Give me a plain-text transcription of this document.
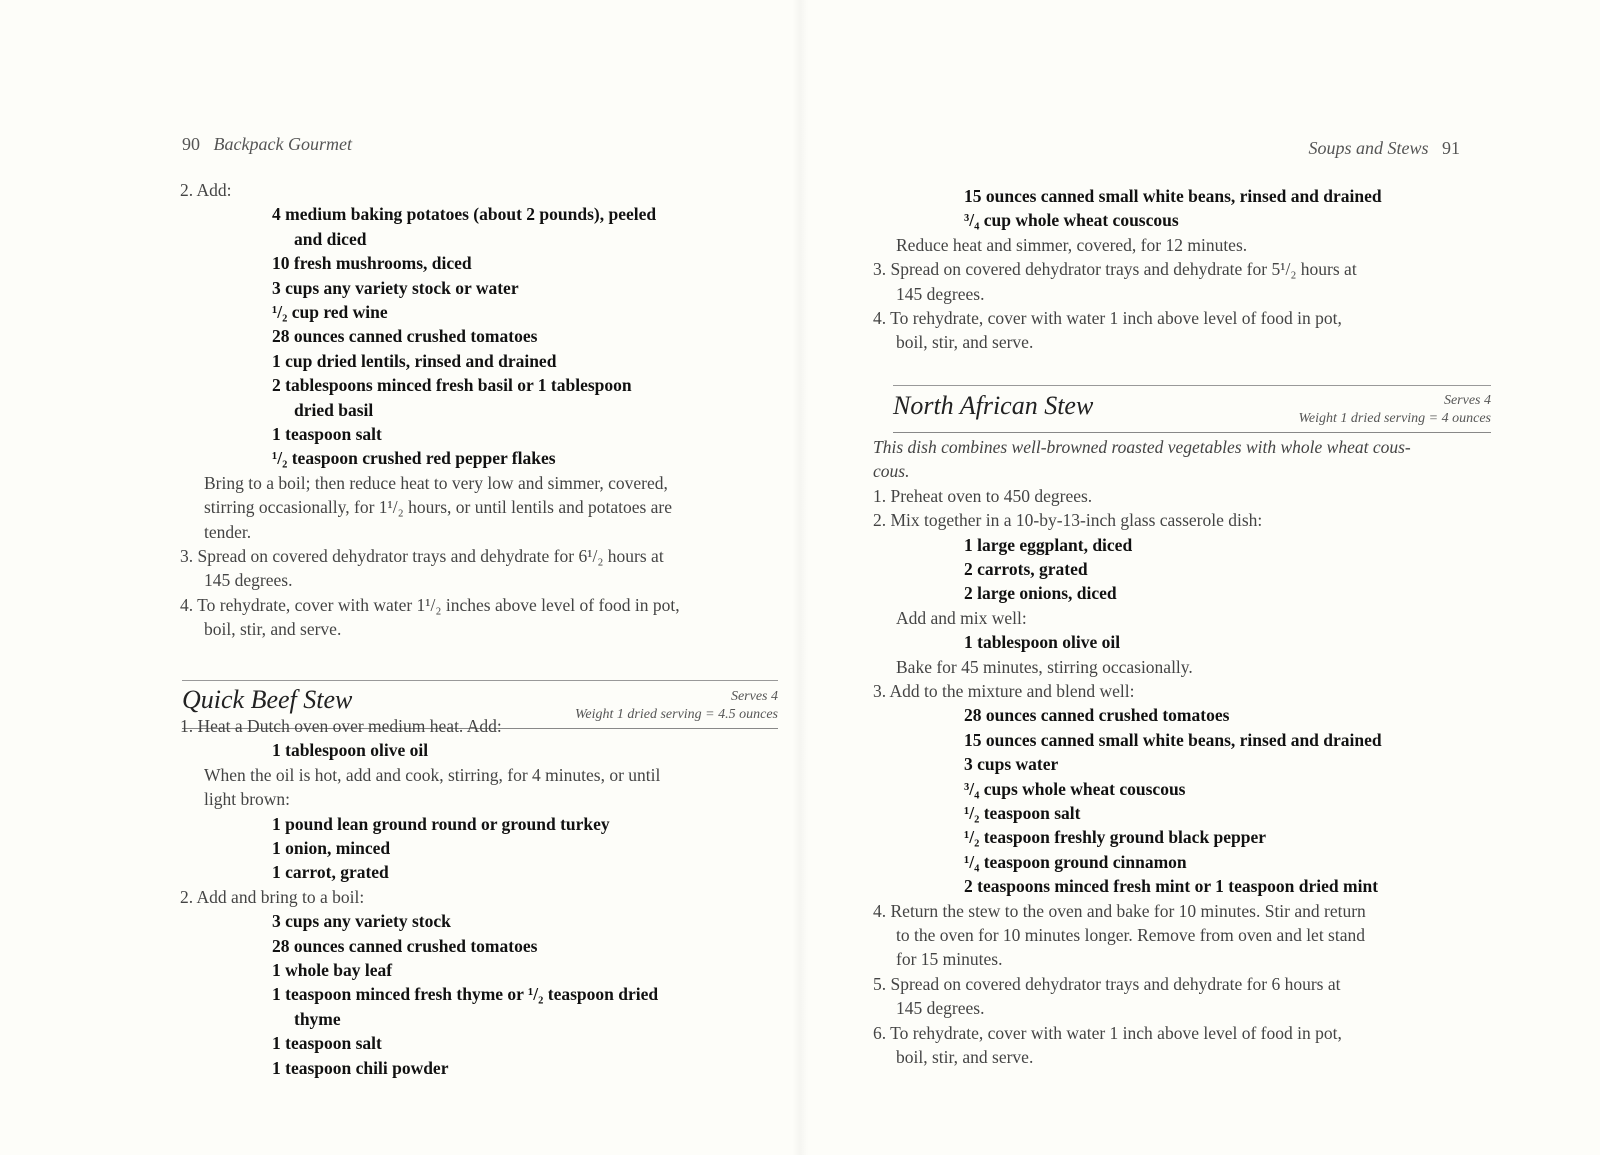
90 Backpack Gourmet
2. Add:
4 medium baking potatoes (about 2 pounds), peeled
and diced
10 fresh mushrooms, diced
3 cups any variety stock or water
¹/₂ cup red wine
28 ounces canned crushed tomatoes
1 cup dried lentils, rinsed and drained
2 tablespoons minced fresh basil or 1 tablespoon
dried basil
1 teaspoon salt
¹/₂ teaspoon crushed red pepper flakes
Bring to a boil; then reduce heat to very low and simmer, covered,
stirring occasionally, for 1¹/₂ hours, or until lentils and potatoes are
tender.
3. Spread on covered dehydrator trays and dehydrate for 6¹/₂ hours at
145 degrees.
4. To rehydrate, cover with water 1¹/₂ inches above level of food in pot,
boil, stir, and serve.
Quick Beef Stew	Serves 4
Weight 1 dried serving = 4.5 ounces
1. Heat a Dutch oven over medium heat. Add:
1 tablespoon olive oil
When the oil is hot, add and cook, stirring, for 4 minutes, or until
light brown:
1 pound lean ground round or ground turkey
1 onion, minced
1 carrot, grated
2. Add and bring to a boil:
3 cups any variety stock
28 ounces canned crushed tomatoes
1 whole bay leaf
1 teaspoon minced fresh thyme or ¹/₂ teaspoon dried
thyme
1 teaspoon salt
1 teaspoon chili powder
Soups and Stews 91
15 ounces canned small white beans, rinsed and drained
³/₄ cup whole wheat couscous
Reduce heat and simmer, covered, for 12 minutes.
3. Spread on covered dehydrator trays and dehydrate for 5¹/₂ hours at
145 degrees.
4. To rehydrate, cover with water 1 inch above level of food in pot,
boil, stir, and serve.
North African Stew	Serves 4
Weight 1 dried serving = 4 ounces
This dish combines well-browned roasted vegetables with whole wheat cous-
cous.
1. Preheat oven to 450 degrees.
2. Mix together in a 10-by-13-inch glass casserole dish:
1 large eggplant, diced
2 carrots, grated
2 large onions, diced
Add and mix well:
1 tablespoon olive oil
Bake for 45 minutes, stirring occasionally.
3. Add to the mixture and blend well:
28 ounces canned crushed tomatoes
15 ounces canned small white beans, rinsed and drained
3 cups water
³/₄ cups whole wheat couscous
¹/₂ teaspoon salt
¹/₂ teaspoon freshly ground black pepper
¹/₄ teaspoon ground cinnamon
2 teaspoons minced fresh mint or 1 teaspoon dried mint
4. Return the stew to the oven and bake for 10 minutes. Stir and return
to the oven for 10 minutes longer. Remove from oven and let stand
for 15 minutes.
5. Spread on covered dehydrator trays and dehydrate for 6 hours at
145 degrees.
6. To rehydrate, cover with water 1 inch above level of food in pot,
boil, stir, and serve.
